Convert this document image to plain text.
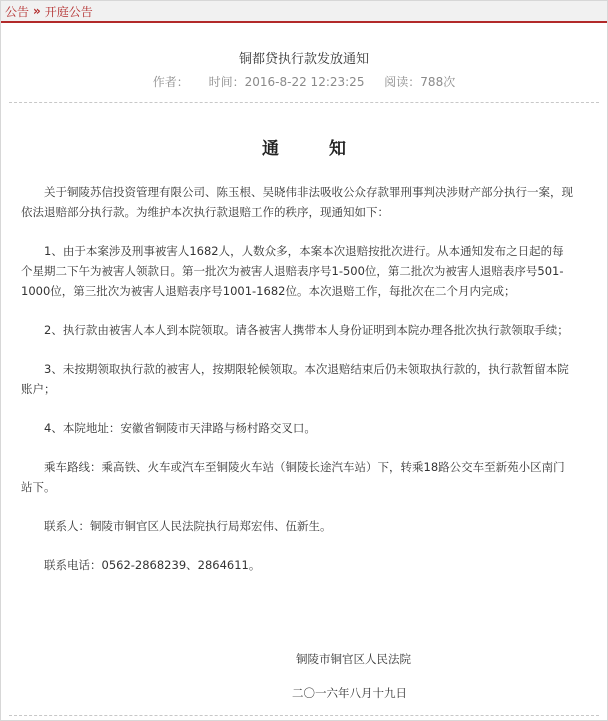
公告 » 开庭公告
铜都贷执行款发放通知
作者： 时间：2016-8-22 12:23:25 阅读：788次
通 知

关于铜陵苏信投资管理有限公司、陈玉根、吴晓伟非法吸收公众存款罪刑事判决涉财产部分执行一案，现依法退赔部分执行款。为维护本次执行款退赔工作的秩序，现通知如下：

1、由于本案涉及刑事被害人1682人，人数众多，本案本次退赔按批次进行。从本通知发布之日起的每个星期二下午为被害人领款日。第一批次为被害人退赔表序号1-500位，第二批次为被害人退赔表序号501-1000位，第三批次为被害人退赔表序号1001-1682位。本次退赔工作，每批次在二个月内完成；

2、执行款由被害人本人到本院领取。请各被害人携带本人身份证明到本院办理各批次执行款领取手续；

3、未按期领取执行款的被害人，按期限轮候领取。本次退赔结束后仍未领取执行款的，执行款暂留本院账户；

4、本院地址：安徽省铜陵市天津路与杨村路交叉口。

乘车路线：乘高铁、火车或汽车至铜陵火车站（铜陵长途汽车站）下，转乘18路公交车至新苑小区南门站下。

联系人：铜陵市铜官区人民法院执行局郑宏伟、伍新生。

联系电话：0562-2868239、2864611。

铜陵市铜官区人民法院
二〇一六年八月十九日
